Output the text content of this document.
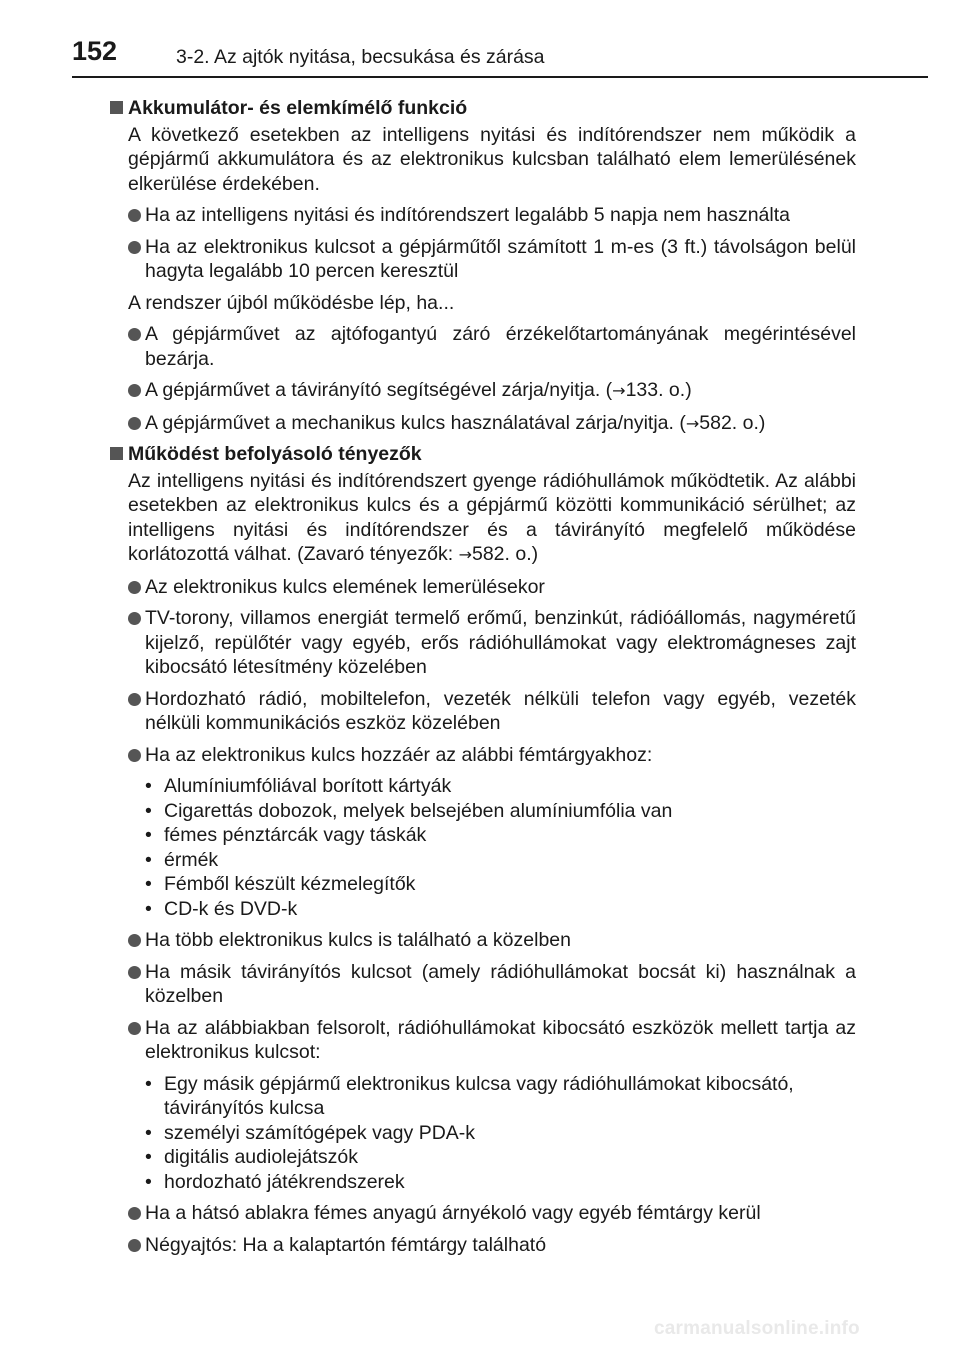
152	3-2. Az ajtók nyitása, becsukása és zárása
Akkumulátor- és elemkímélő funkció
A következő esetekben az intelligens nyitási és indítórendszer nem működik a gépjármű akkumulátora és az elektronikus kulcsban található elem lemerülésének elkerülése érdekében.
Ha az intelligens nyitási és indítórendszert legalább 5 napja nem használta
Ha az elektronikus kulcsot a gépjárműtől számított 1 m-es (3 ft.) távolságon belül hagyta legalább 10 percen keresztül
A rendszer újból működésbe lép, ha...
A gépjárművet az ajtófogantyú záró érzékelőtartományának megérintésével bezárja.
A gépjárművet a távirányító segítségével zárja/nyitja. (→133. o.)
A gépjárművet a mechanikus kulcs használatával zárja/nyitja. (→582. o.)
Működést befolyásoló tényezők
Az intelligens nyitási és indítórendszert gyenge rádióhullámok működtetik. Az alábbi esetekben az elektronikus kulcs és a gépjármű közötti kommunikáció sérülhet; az intelligens nyitási és indítórendszer és a távirányító megfelelő működése korlátozottá válhat. (Zavaró tényezők: →582. o.)
Az elektronikus kulcs elemének lemerülésekor
TV-torony, villamos energiát termelő erőmű, benzinkút, rádióállomás, nagyméretű kijelző, repülőtér vagy egyéb, erős rádióhullámokat vagy elektromágneses zajt kibocsátó létesítmény közelében
Hordozható rádió, mobiltelefon, vezeték nélküli telefon vagy egyéb, vezeték nélküli kommunikációs eszköz közelében
Ha az elektronikus kulcs hozzáér az alábbi fémtárgyakhoz:
• Alumíniumfóliával borított kártyák
• Cigarettás dobozok, melyek belsejében alumíniumfólia van
• fémes pénztárcák vagy táskák
• érmék
• Fémből készült kézmelegítők
• CD-k és DVD-k
Ha több elektronikus kulcs is található a közelben
Ha másik távirányítós kulcsot (amely rádióhullámokat bocsát ki) használnak a közelben
Ha az alábbiakban felsorolt, rádióhullámokat kibocsátó eszközök mellett tartja az elektronikus kulcsot:
• Egy másik gépjármű elektronikus kulcsa vagy rádióhullámokat kibocsátó, távirányítós kulcsa
• személyi számítógépek vagy PDA-k
• digitális audiolejátszók
• hordozható játékrendszerek
Ha a hátsó ablakra fémes anyagú árnyékoló vagy egyéb fémtárgy kerül
Négyajtós: Ha a kalaptartón fémtárgy található
carmanualsonline.info
